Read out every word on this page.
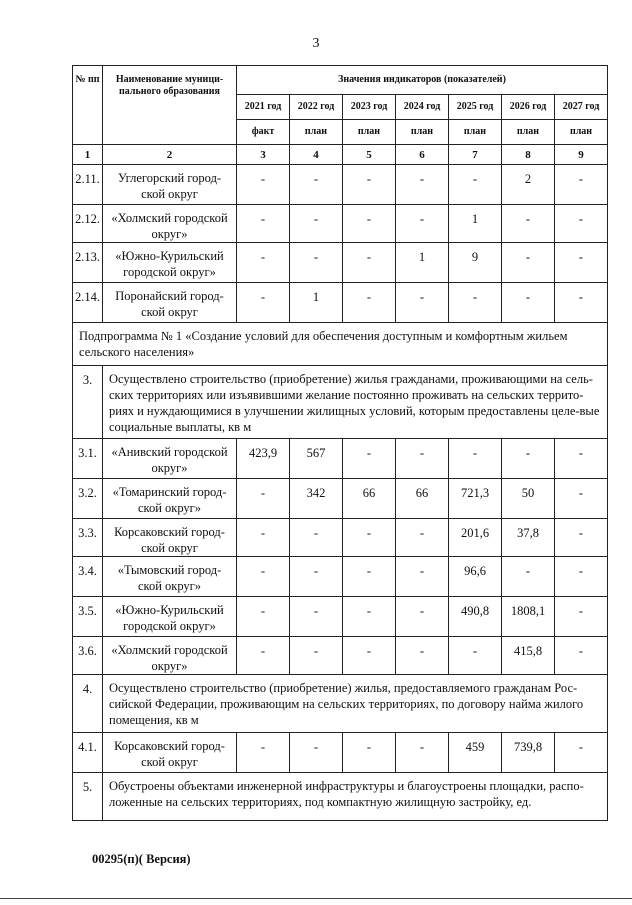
3
№ пп	Наименование муници-пального образования	Значения индикаторов (показателей)						
		2021 год	2022 год	2023 год	2024 год	2025 год	2026 год	2027 год
		факт	план	план	план	план	план	план
1	2	3	4	5	6	7	8	9
2.11.	Углегорский город-ской округ	-	-	-	-	-	2	-
2.12.	«Холмский городской округ»	-	-	-	-	1	-	-
2.13.	«Южно-Курильский городской округ»	-	-	-	1	9	-	-
2.14.	Поронайский город-ской округ	-	1	-	-	-	-	-
Подпрограмма № 1 «Создание условий для обеспечения доступным и комфортным жильем сельского населения»								
3.	Осуществлено строительство (приобретение) жилья гражданами, проживающими на сель-ских территориях или изъявившими желание постоянно проживать на сельских террито-риях и нуждающимися в улучшении жилищных условий, которым предоставлены целе-вые социальные выплаты, кв м							
3.1.	«Анивский городской округ»	423,9	567	-	-	-	-	-
3.2.	«Томаринский город-ской округ»	-	342	66	66	721,3	50	-
3.3.	Корсаковский город-ской округ	-	-	-	-	201,6	37,8	-
3.4.	«Тымовский город-ской округ»	-	-	-	-	96,6	-	-
3.5.	«Южно-Курильский городской округ»	-	-	-	-	490,8	1808,1	-
3.6.	«Холмский городской округ»	-	-	-	-	-	415,8	-
4.	Осуществлено строительство (приобретение) жилья, предоставляемого гражданам Рос-сийской Федерации, проживающим на сельских территориях, по договору найма жилого помещения, кв м							
4.1.	Корсаковский город-ской округ	-	-	-	-	459	739,8	-
5.	Обустроены объектами инженерной инфраструктуры и благоустроены площадки, распо-ложенные на сельских территориях, под компактную жилищную застройку, ед.							
00295(п)( Версия)
